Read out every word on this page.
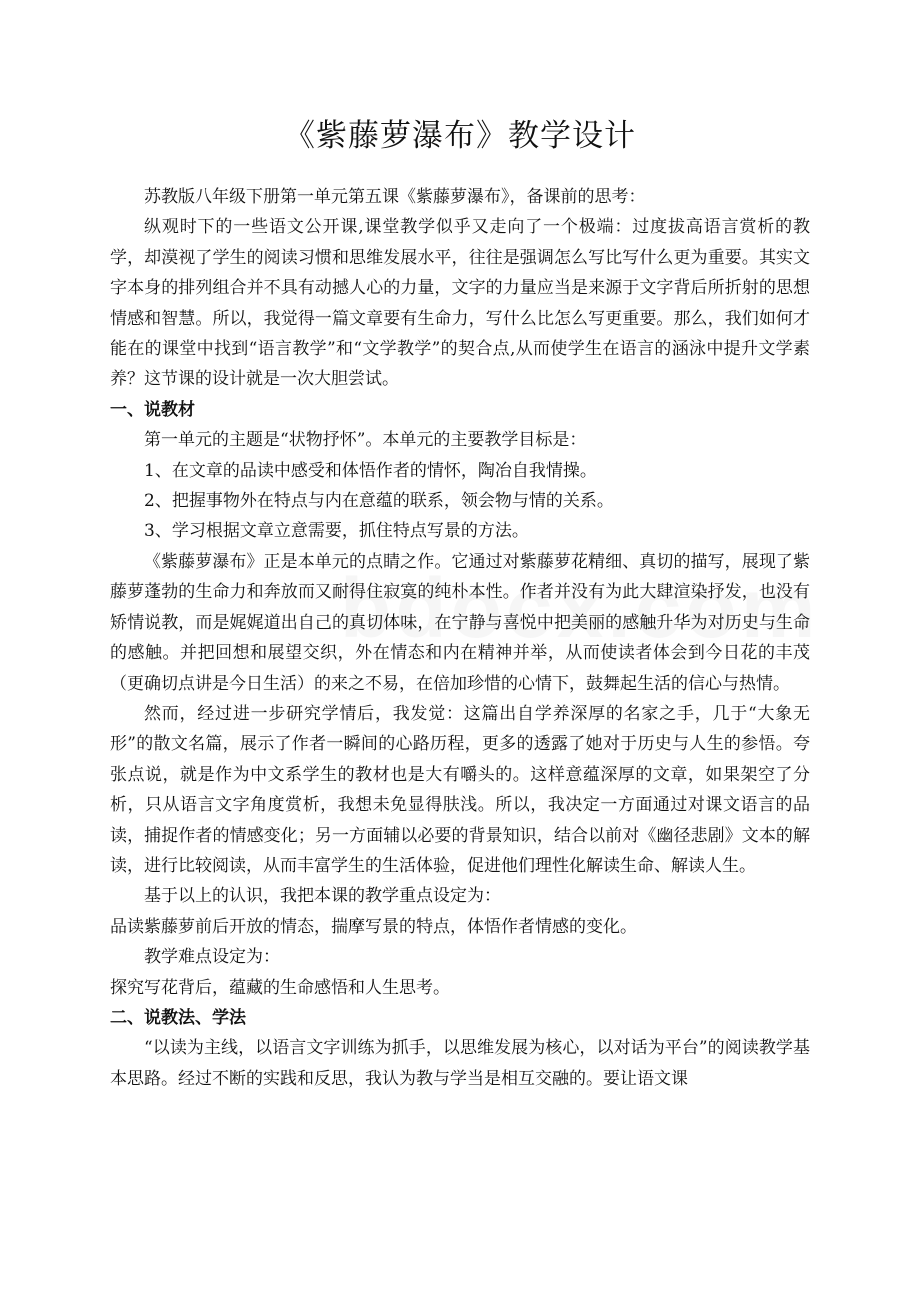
《紫藤萝瀑布》教学设计

苏教版八年级下册第一单元第五课《紫藤萝瀑布》，备课前的思考：

纵观时下的一些语文公开课,课堂教学似乎又走向了一个极端：过度拔高语言赏析的教学，却漠视了学生的阅读习惯和思维发展水平，往往是强调怎么写比写什么更为重要。其实文字本身的排列组合并不具有动撼人心的力量，文字的力量应当是来源于文字背后所折射的思想情感和智慧。所以，我觉得一篇文章要有生命力，写什么比怎么写更重要。那么，我们如何才能在的课堂中找到“语言教学”和“文学教学”的契合点,从而使学生在语言的涵泳中提升文学素养？这节课的设计就是一次大胆尝试。

一、说教材

第一单元的主题是“状物抒怀”。本单元的主要教学目标是：

1、在文章的品读中感受和体悟作者的情怀，陶冶自我情操。

2、把握事物外在特点与内在意蕴的联系，领会物与情的关系。

3、学习根据文章立意需要，抓住特点写景的方法。

《紫藤萝瀑布》正是本单元的点睛之作。它通过对紫藤萝花精细、真切的描写，展现了紫藤萝蓬勃的生命力和奔放而又耐得住寂寞的纯朴本性。作者并没有为此大肆渲染抒发，也没有矫情说教，而是娓娓道出自己的真切体味，在宁静与喜悦中把美丽的感触升华为对历史与生命的感触。并把回想和展望交织，外在情态和内在精神并举，从而使读者体会到今日花的丰茂（更确切点讲是今日生活）的来之不易，在倍加珍惜的心情下，鼓舞起生活的信心与热情。

然而，经过进一步研究学情后，我发觉：这篇出自学养深厚的名家之手，几于“大象无形”的散文名篇，展示了作者一瞬间的心路历程，更多的透露了她对于历史与人生的参悟。夸张点说，就是作为中文系学生的教材也是大有嚼头的。这样意蕴深厚的文章，如果架空了分析，只从语言文字角度赏析，我想未免显得肤浅。所以，我决定一方面通过对课文语言的品读，捕捉作者的情感变化；另一方面辅以必要的背景知识，结合以前对《幽径悲剧》文本的解读，进行比较阅读，从而丰富学生的生活体验，促进他们理性化解读生命、解读人生。

基于以上的认识，我把本课的教学重点设定为：

品读紫藤萝前后开放的情态，揣摩写景的特点，体悟作者情感的变化。

教学难点设定为：

探究写花背后，蕴藏的生命感悟和人生思考。

二、说教法、学法

“以读为主线，以语言文字训练为抓手，以思维发展为核心，以对话为平台”的阅读教学基本思路。经过不断的实践和反思，我认为教与学当是相互交融的。要让语文课
